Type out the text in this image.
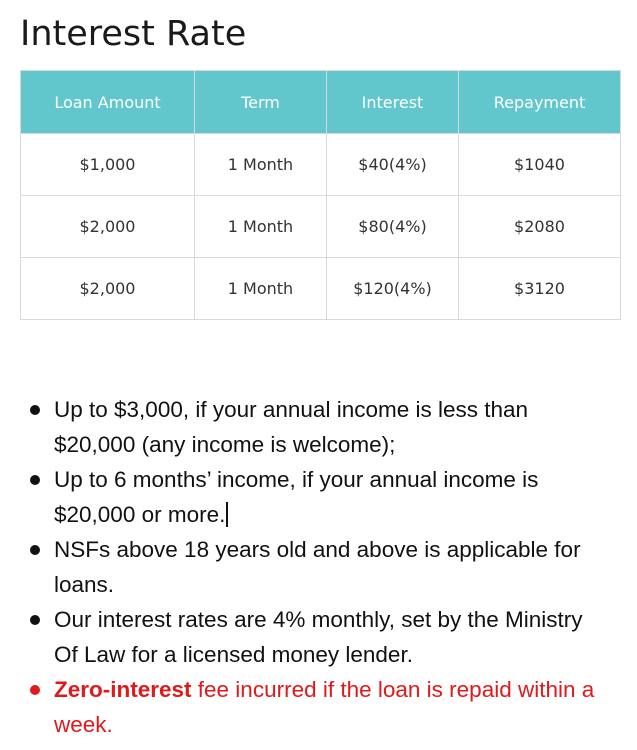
Interest Rate
Loan Amount	Term	Interest	Repayment
$1,000	1 Month	$40(4%)	$1040
$2,000	1 Month	$80(4%)	$2080
$2,000	1 Month	$120(4%)	$3120
Up to $3,000, if your annual income is less than $20,000 (any income is welcome);
Up to 6 months’ income, if your annual income is $20,000 or more.
NSFs above 18 years old and above is applicable for loans.
Our interest rates are 4% monthly, set by the Ministry Of Law for a licensed money lender.
Zero-interest fee incurred if the loan is repaid within a week.
